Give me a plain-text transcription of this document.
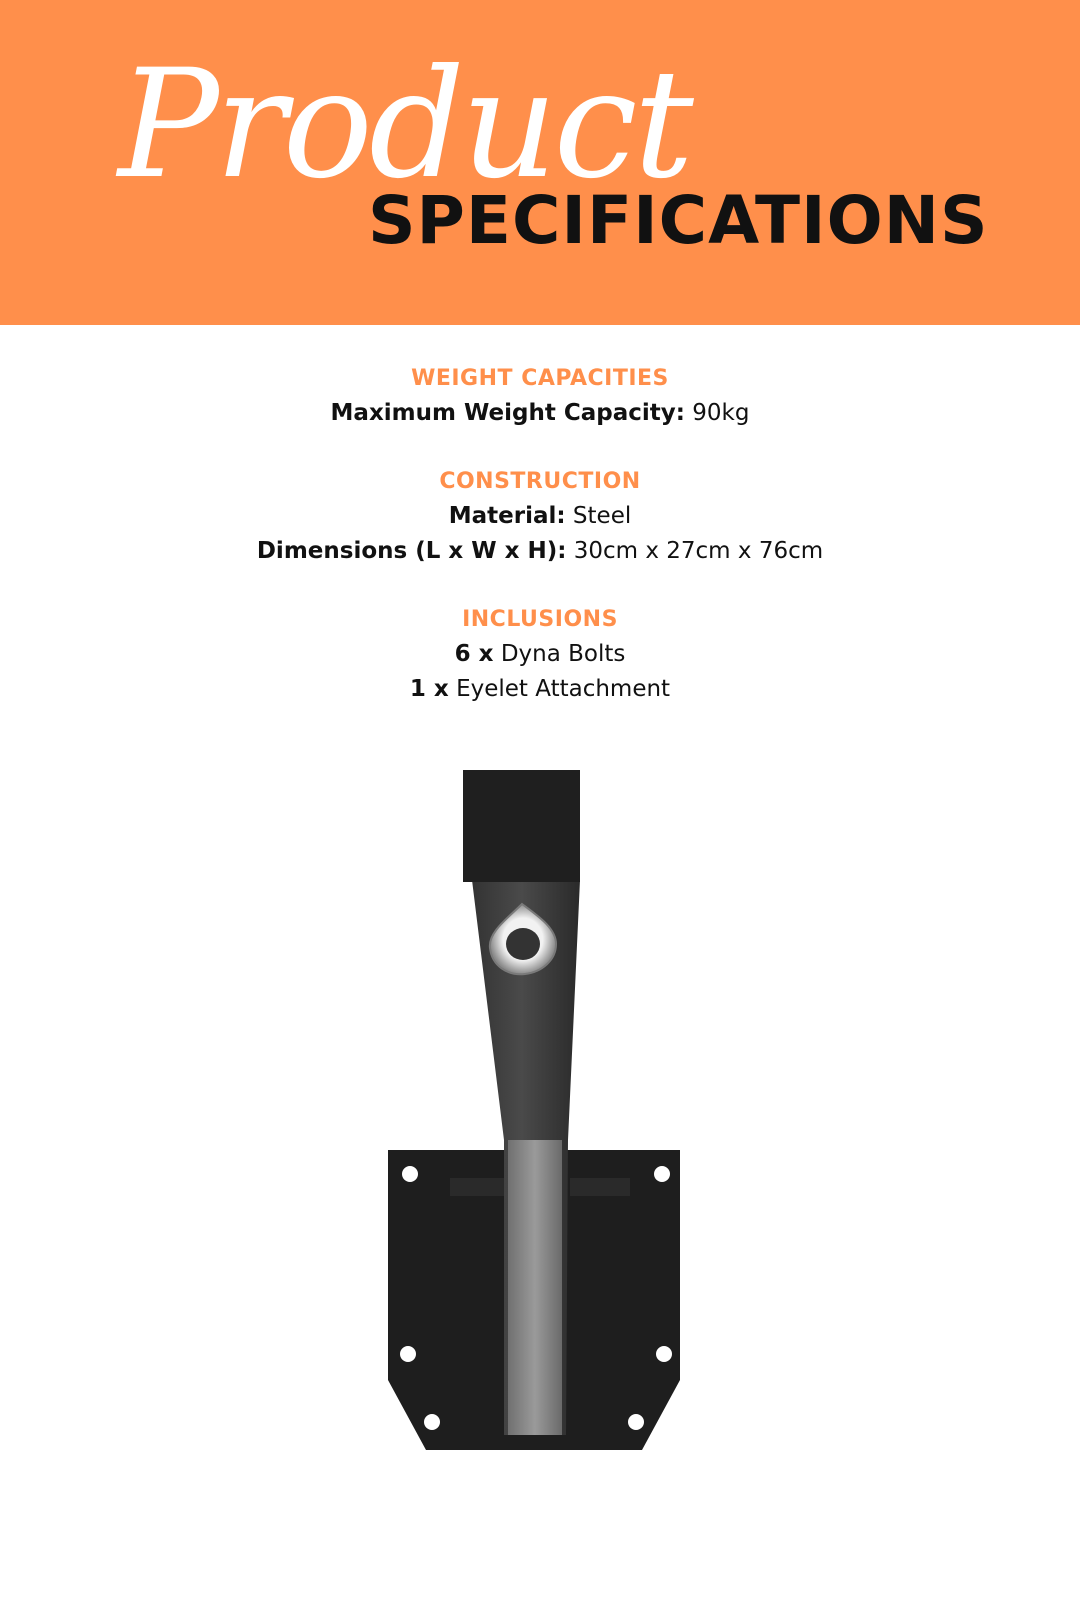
Product
SPECIFICATIONS
WEIGHT CAPACITIES
Maximum Weight Capacity: 90kg
CONSTRUCTION
Material: Steel
Dimensions (L x W x H): 30cm x 27cm x 76cm
INCLUSIONS
6 x Dyna Bolts
1 x Eyelet Attachment
